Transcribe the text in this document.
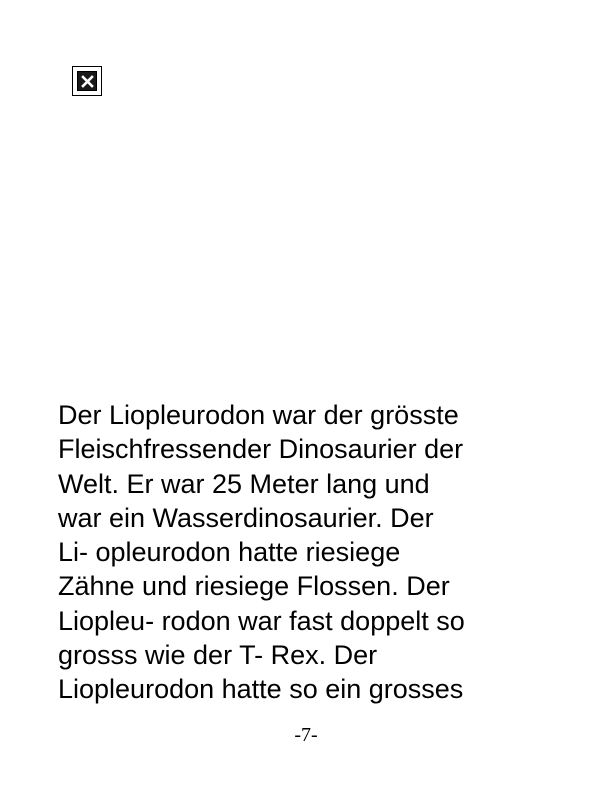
Der Liopleurodon war der grösste
Fleischfressender Dinosaurier der
Welt. Er war 25 Meter lang und
war ein Wasserdinosaurier. Der
Li- opleurodon hatte riesiege
Zähne und riesiege Flossen. Der
Liopleu- rodon war fast doppelt so
grosss wie der T- Rex. Der
Liopleurodon hatte so ein grosses

-7-
